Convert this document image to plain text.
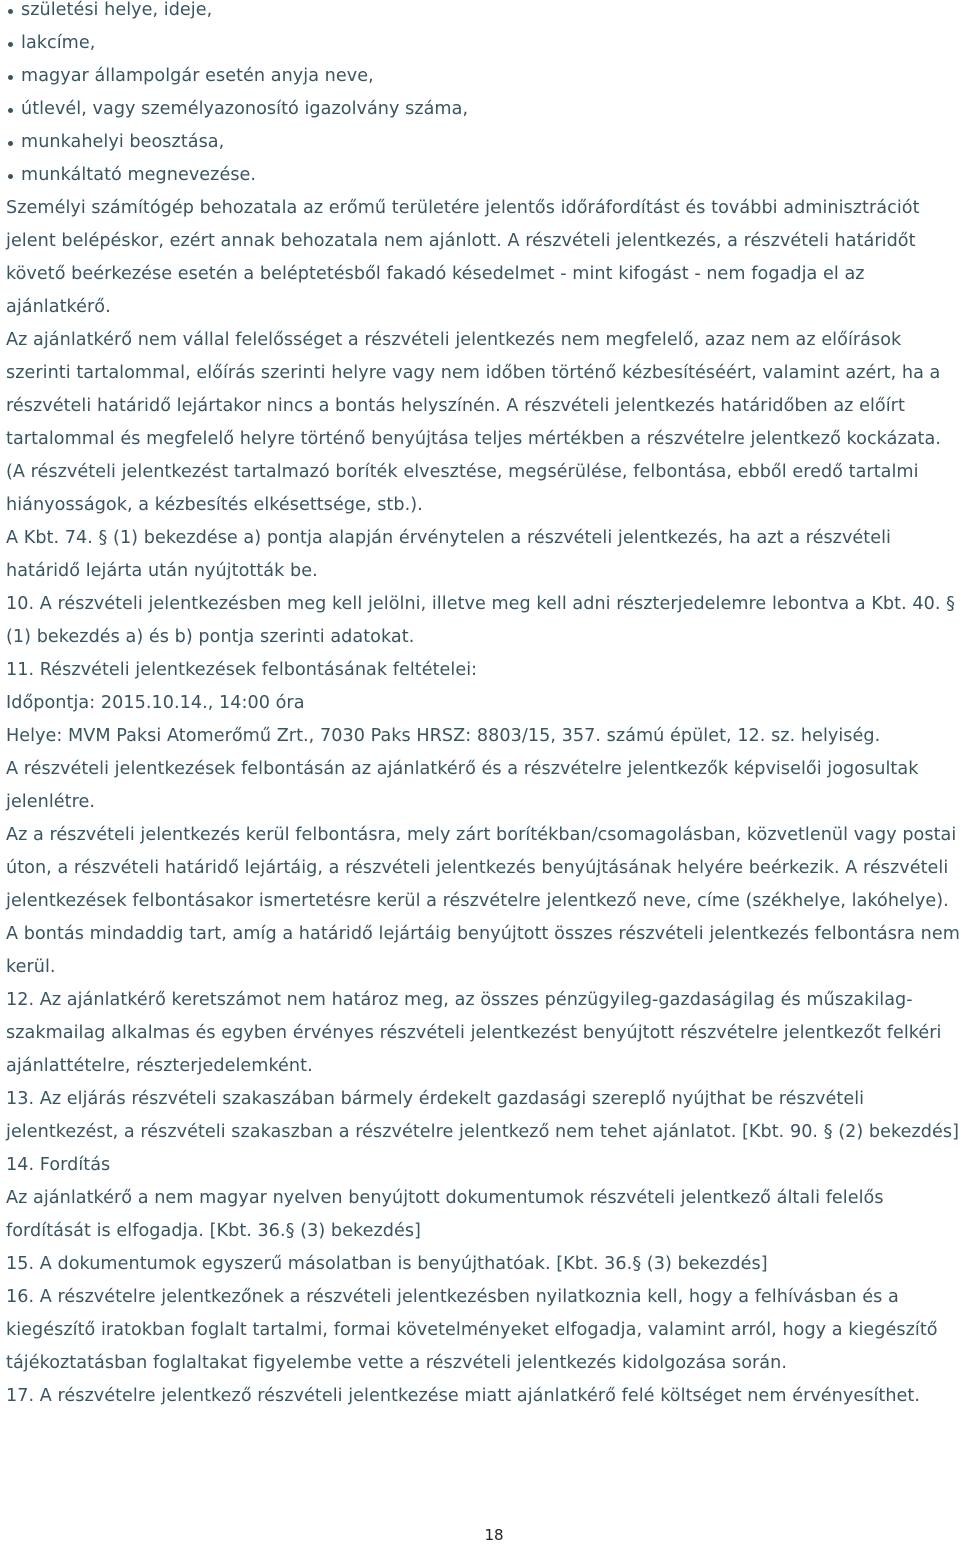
születési helye, ideje,
lakcíme,
magyar állampolgár esetén anyja neve,
útlevél, vagy személyazonosító igazolvány száma,
munkahelyi beosztása,
munkáltató megnevezése.

Személyi számítógép behozatala az erőmű területére jelentős időráfordítást és további adminisztrációt jelent belépéskor, ezért annak behozatala nem ajánlott. A részvételi jelentkezés, a részvételi határidőt követő beérkezése esetén a beléptetésből fakadó késedelmet - mint kifogást - nem fogadja el az ajánlatkérő.

Az ajánlatkérő nem vállal felelősséget a részvételi jelentkezés nem megfelelő, azaz nem az előírások szerinti tartalommal, előírás szerinti helyre vagy nem időben történő kézbesítéséért, valamint azért, ha a részvételi határidő lejártakor nincs a bontás helyszínén. A részvételi jelentkezés határidőben az előírt tartalommal és megfelelő helyre történő benyújtása teljes mértékben a részvételre jelentkező kockázata. (A részvételi jelentkezést tartalmazó boríték elvesztése, megsérülése, felbontása, ebből eredő tartalmi hiányosságok, a kézbesítés elkésettsége, stb.).

A Kbt. 74. § (1) bekezdése a) pontja alapján érvénytelen a részvételi jelentkezés, ha azt a részvételi határidő lejárta után nyújtották be.

10. A részvételi jelentkezésben meg kell jelölni, illetve meg kell adni részterjedelemre lebontva a Kbt. 40. § (1) bekezdés a) és b) pontja szerinti adatokat.

11. Részvételi jelentkezések felbontásának feltételei:

Időpontja: 2015.10.14., 14:00 óra

Helye: MVM Paksi Atomerőmű Zrt., 7030 Paks HRSZ: 8803/15, 357. számú épület, 12. sz. helyiség.

A részvételi jelentkezések felbontásán az ajánlatkérő és a részvételre jelentkezők képviselői jogosultak jelenlétre.

Az a részvételi jelentkezés kerül felbontásra, mely zárt borítékban/csomagolásban, közvetlenül vagy postai úton, a részvételi határidő lejártáig, a részvételi jelentkezés benyújtásának helyére beérkezik. A részvételi jelentkezések felbontásakor ismertetésre kerül a részvételre jelentkező neve, címe (székhelye, lakóhelye). A bontás mindaddig tart, amíg a határidő lejártáig benyújtott összes részvételi jelentkezés felbontásra nem kerül.

12. Az ajánlatkérő keretszámot nem határoz meg, az összes pénzügyileg-gazdaságilag és műszakilag-szakmailag alkalmas és egyben érvényes részvételi jelentkezést benyújtott részvételre jelentkezőt felkéri ajánlattételre, részterjedelemként.

13. Az eljárás részvételi szakaszában bármely érdekelt gazdasági szereplő nyújthat be részvételi jelentkezést, a részvételi szakaszban a részvételre jelentkező nem tehet ajánlatot. [Kbt. 90. § (2) bekezdés]

14. Fordítás

Az ajánlatkérő a nem magyar nyelven benyújtott dokumentumok részvételi jelentkező általi felelős fordítását is elfogadja. [Kbt. 36.§ (3) bekezdés]

15. A dokumentumok egyszerű másolatban is benyújthatóak. [Kbt. 36.§ (3) bekezdés]

16. A részvételre jelentkezőnek a részvételi jelentkezésben nyilatkoznia kell, hogy a felhívásban és a kiegészítő iratokban foglalt tartalmi, formai követelményeket elfogadja, valamint arról, hogy a kiegészítő tájékoztatásban foglaltakat figyelembe vette a részvételi jelentkezés kidolgozása során.

17. A részvételre jelentkező részvételi jelentkezése miatt ajánlatkérő felé költséget nem érvényesíthet.

18
